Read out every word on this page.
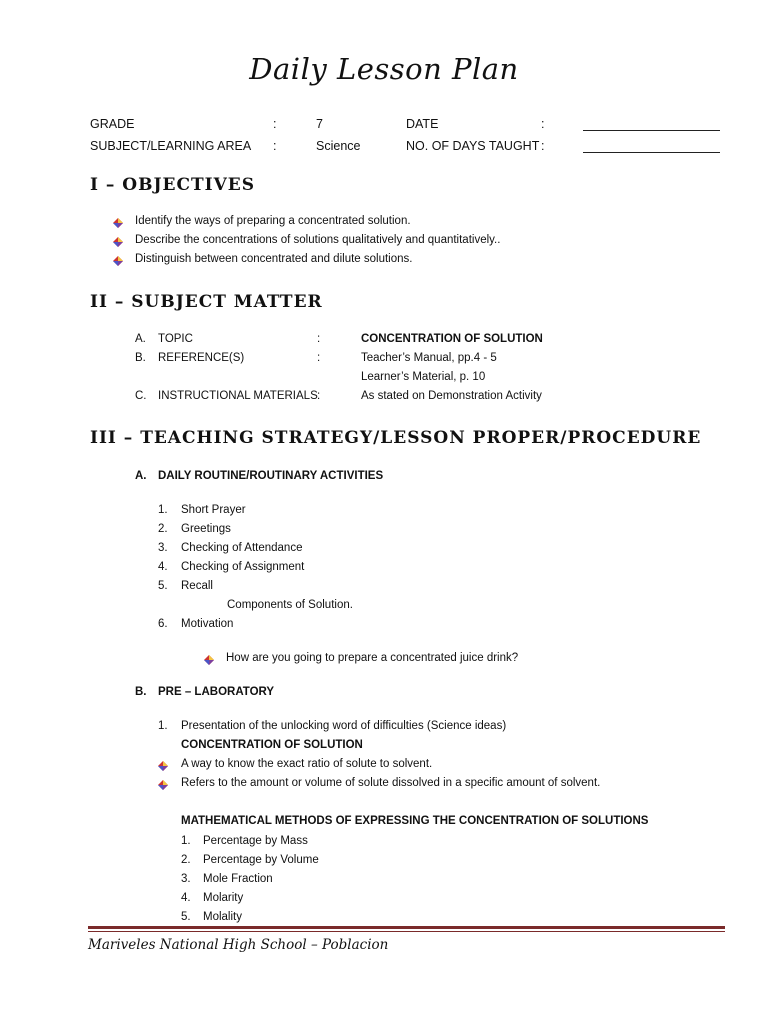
Daily Lesson Plan
GRADE	:	7	DATE	:
SUBJECT/LEARNING AREA :	Science	NO. OF DAYS TAUGHT :
I – OBJECTIVES
Identify the ways of preparing a concentrated solution.
Describe the concentrations of solutions qualitatively and quantitatively..
Distinguish between concentrated and dilute solutions.
II – SUBJECT MATTER
A. TOPIC	:	CONCENTRATION OF SOLUTION
B. REFERENCE(S)	:	Teacher’s Manual, pp.4 - 5
Learner’s Material, p. 10
C. INSTRUCTIONAL MATERIALS :	As stated on Demonstration Activity
III – TEACHING STRATEGY/LESSON PROPER/PROCEDURE
A. DAILY ROUTINE/ROUTINARY ACTIVITIES
1. Short Prayer
2. Greetings
3. Checking of Attendance
4. Checking of Assignment
5. Recall
Components of Solution.
6. Motivation
How are you going to prepare a concentrated juice drink?
B. PRE – LABORATORY
1. Presentation of the unlocking word of difficulties (Science ideas)
CONCENTRATION OF SOLUTION
A way to know the exact ratio of solute to solvent.
Refers to the amount or volume of solute dissolved in a specific amount of solvent.
MATHEMATICAL METHODS OF EXPRESSING THE CONCENTRATION OF SOLUTIONS
1. Percentage by Mass
2. Percentage by Volume
3. Mole Fraction
4. Molarity
5. Molality
Mariveles National High School – Poblacion
